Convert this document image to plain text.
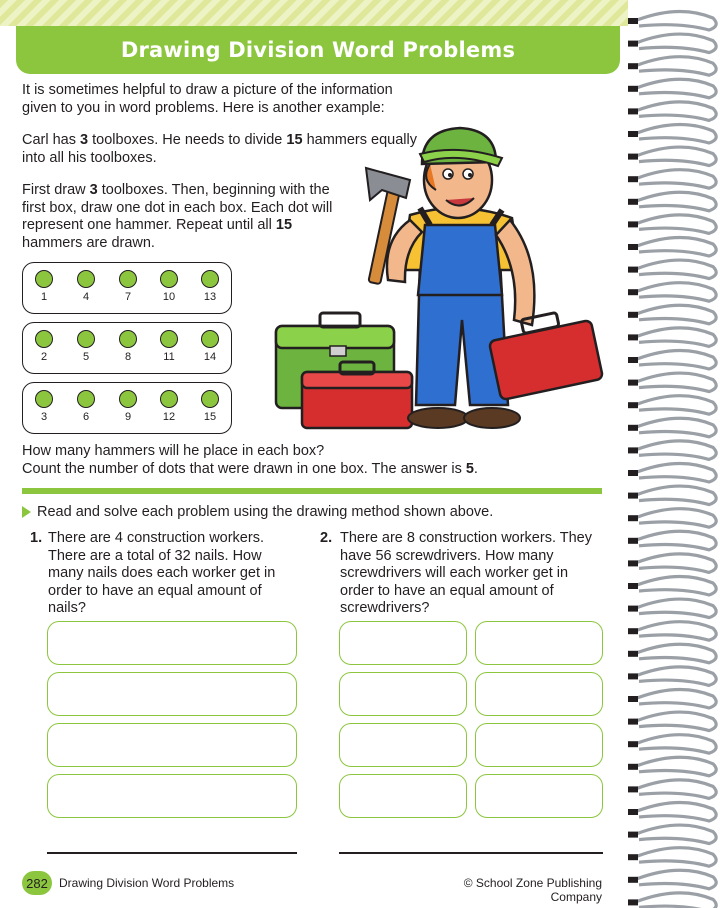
Drawing Division Word Problems
It is sometimes helpful to draw a picture of the information
given to you in word problems. Here is another example:
Carl has 3 toolboxes. He needs to divide 15 hammers equally into all his toolboxes.
First draw 3 toolboxes. Then, beginning with the first box, draw one dot in each box. Each dot will represent one hammer. Repeat until all 15 hammers are drawn.
1	4	7	10	13
2	5	8	11	14
3	6	9	12	15
How many hammers will he place in each box?
Count the number of dots that were drawn in one box. The answer is 5.
Read and solve each problem using the drawing method shown above.
1. There are 4 construction workers. There are a total of 32 nails. How many nails does each worker get in order to have an equal amount of nails?
2. There are 8 construction workers. They have 56 screwdrivers. How many screwdrivers will each worker get in order to have an equal amount of screwdrivers?
282 Drawing Division Word Problems	© School Zone Publishing Company
